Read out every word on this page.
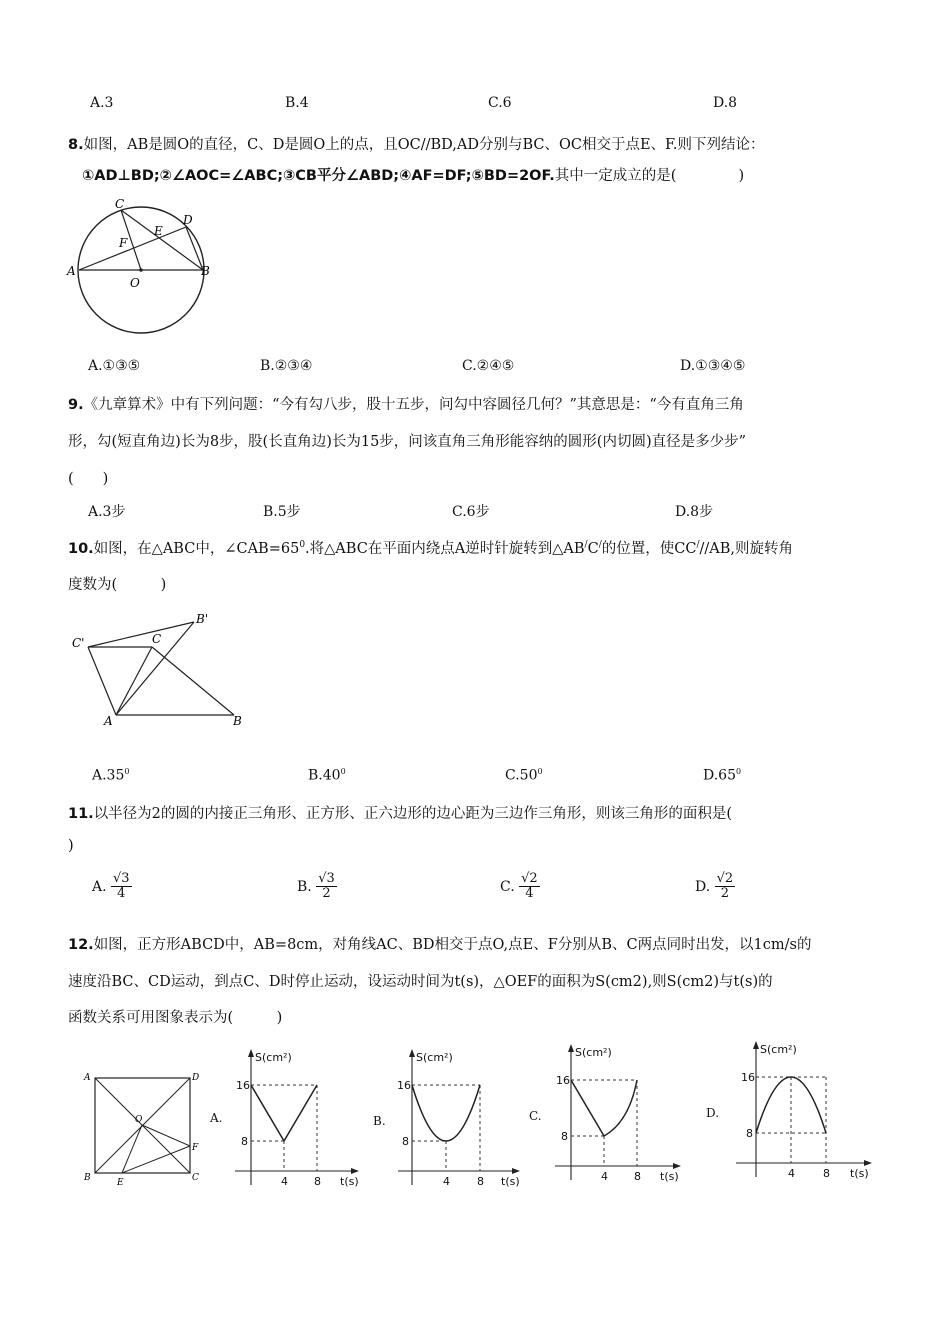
A.3	B.4	C.6	D.8
8.如图，AB是圆O的直径，C、D是圆O上的点，且OC//BD,AD分别与BC、OC相交于点E、F.则下列结论：
①AD⊥BD;②∠AOC=∠ABC;③CB平分∠ABD;④AF=DF;⑤BD=2OF.其中一定成立的是(	)
C
D
E
F
A	B
O
A.①③⑤	B.②③④	C.②④⑤	D.①③④⑤
9.《九章算术》中有下列问题：“今有勾八步，股十五步，问勾中容圆径几何？”其意思是：“今有直角三角
形，勾(短直角边)长为8步，股(长直角边)长为15步，问该直角三角形能容纳的圆形(内切圆)直径是多少步”
(　　)
A.3步	B.5步	C.6步	D.8步
10.如图，在△ABC中，$\angle CAB=65^0$.将△ABC在平面内绕点A逆时针旋转到△AB/C/的位置，使CC///AB,则旋转角
度数为(　　　)
C'
B'
C
A	B
$A.35^0$	$B.40^0$	$C.50^0$	$D.65^0$
11.以半径为2的圆的内接正三角形、正方形、正六边形的边心距为三边作三角形，则该三角形的面积是(
)
A. $\frac{√3}{4}$	B. $\frac{√3}{2}$	C. $\frac{√2}{4}$	D. $\frac{√2}{2}$
12.如图，正方形ABCD中，AB=8cm，对角线AC、BD相交于点O,点E、F分别从B、C两点同时出发，以1cm/s的
速度沿BC、CD运动，到点C、D时停止运动，设运动时间为t(s)，△OEF的面积为S(cm2),则S(cm2)与t(s)的
函数关系可用图象表示为(　　　)
A	D
B	C
O
E
F
A.
S(cm²)
16
8
4 8 t(s)
B.
S(cm²)
16
8
4 8 t(s)
C.
S(cm²)
16
8
4 8 t(s)
D.
S(cm²)
16
8
4	8 t(s)
